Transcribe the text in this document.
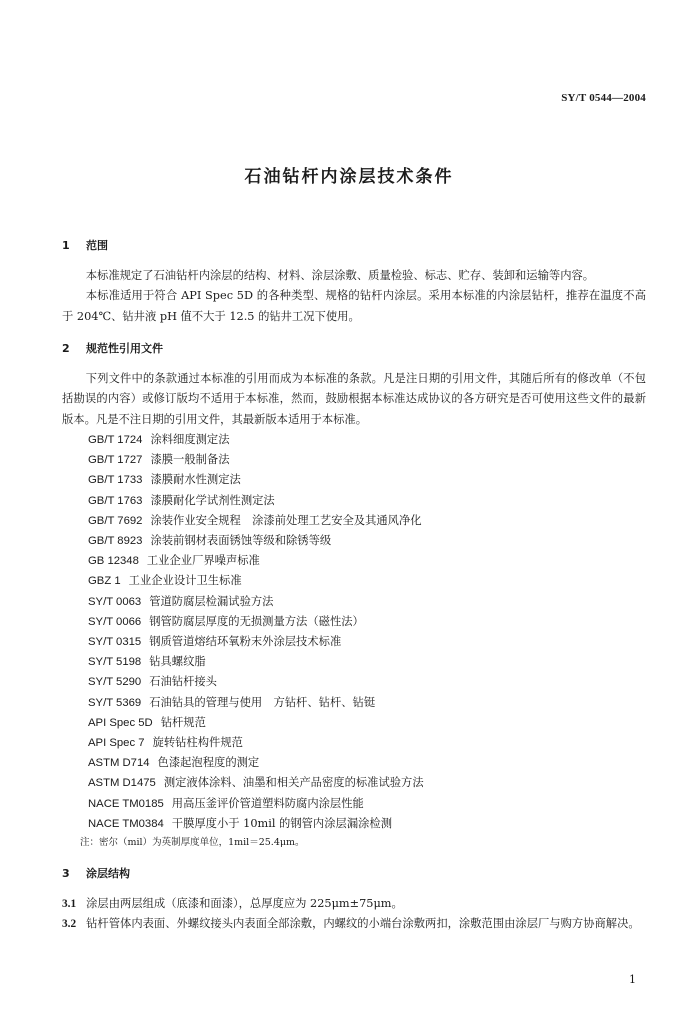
SY/T 0544—2004
石油钻杆内涂层技术条件

1 范围

本标准规定了石油钻杆内涂层的结构、材料、涂层涂敷、质量检验、标志、贮存、装卸和运输等内容。

本标准适用于符合 API Spec 5D 的各种类型、规格的钻杆内涂层。采用本标准的内涂层钻杆，推荐在温度不高于 204℃、钻井液 pH 值不大于 12.5 的钻井工况下使用。

2 规范性引用文件

下列文件中的条款通过本标准的引用而成为本标准的条款。凡是注日期的引用文件，其随后所有的修改单（不包括勘误的内容）或修订版均不适用于本标准，然而，鼓励根据本标准达成协议的各方研究是否可使用这些文件的最新版本。凡是不注日期的引用文件，其最新版本适用于本标准。

GB/T 1724 涂料细度测定法
GB/T 1727 漆膜一般制备法
GB/T 1733 漆膜耐水性测定法
GB/T 1763 漆膜耐化学试剂性测定法
GB/T 7692 涂装作业安全规程　涂漆前处理工艺安全及其通风净化
GB/T 8923 涂装前钢材表面锈蚀等级和除锈等级
GB 12348 工业企业厂界噪声标准
GBZ 1 工业企业设计卫生标准
SY/T 0063 管道防腐层检漏试验方法
SY/T 0066 钢管防腐层厚度的无损测量方法（磁性法）
SY/T 0315 钢质管道熔结环氧粉末外涂层技术标准
SY/T 5198 钻具螺纹脂
SY/T 5290 石油钻杆接头
SY/T 5369 石油钻具的管理与使用　方钻杆、钻杆、钻铤
API Spec 5D 钻杆规范
API Spec 7 旋转钻柱构件规范
ASTM D714 色漆起泡程度的测定
ASTM D1475 测定液体涂料、油墨和相关产品密度的标准试验方法
NACE TM0185 用高压釜评价管道塑料防腐内涂层性能
NACE TM0384 干膜厚度小于 10mil 的钢管内涂层漏涂检测

注：密尔（mil）为英制厚度单位，1mil＝25.4μm。

3 涂层结构

3.1 涂层由两层组成（底漆和面漆），总厚度应为 225μm±75μm。

3.2 钻杆管体内表面、外螺纹接头内表面全部涂敷，内螺纹的小端台涂敷两扣，涂敷范围由涂层厂与购方协商解决。

1
